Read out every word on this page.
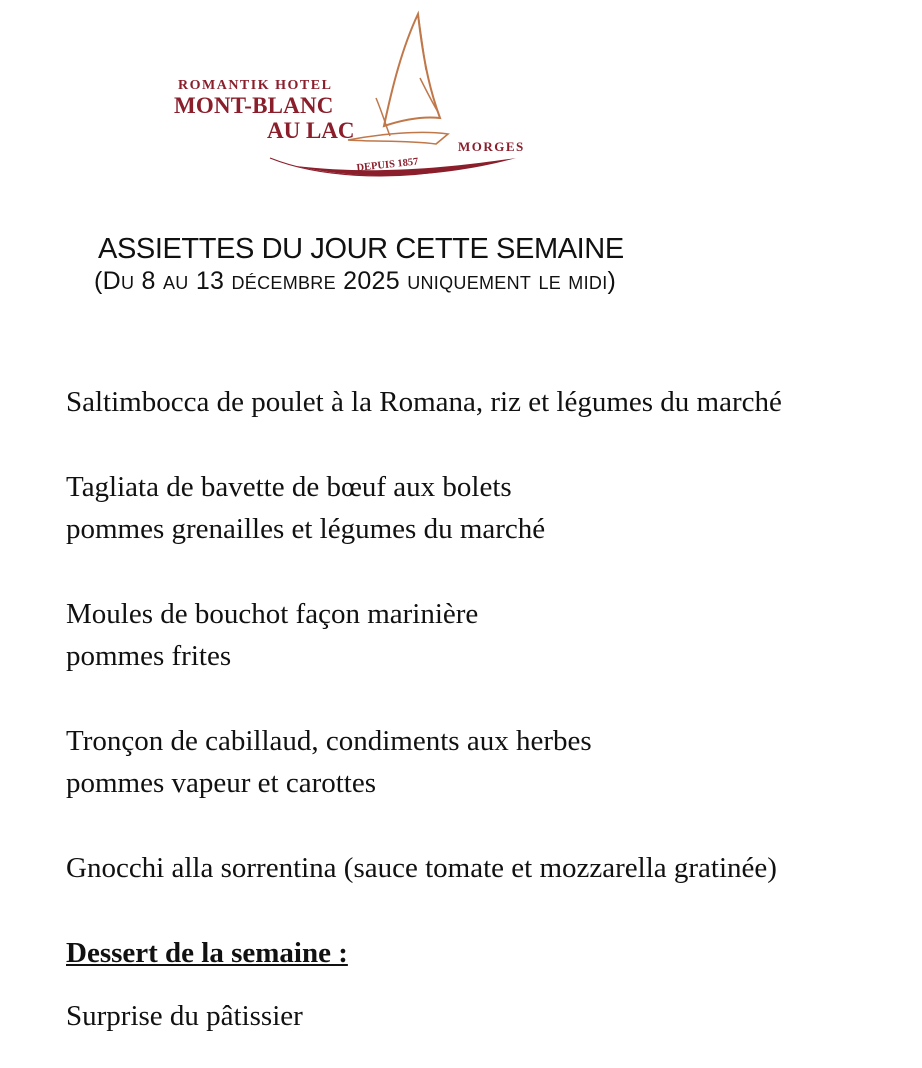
ROMANTIK HOTEL
MONT-BLANC
AU LAC
MORGES
DEPUIS 1857
ASSIETTES DU JOUR CETTE SEMAINE
(Du 8 au 13 décembre 2025 uniquement le midi)
Saltimbocca de poulet à la Romana, riz et légumes du marché
Tagliata de bavette de bœuf aux bolets
pommes grenailles et légumes du marché
Moules de bouchot façon marinière
pommes frites
Tronçon de cabillaud, condiments aux herbes
pommes vapeur et carottes
Gnocchi alla sorrentina (sauce tomate et mozzarella gratinée)
Dessert de la semaine :
Surprise du pâtissier
